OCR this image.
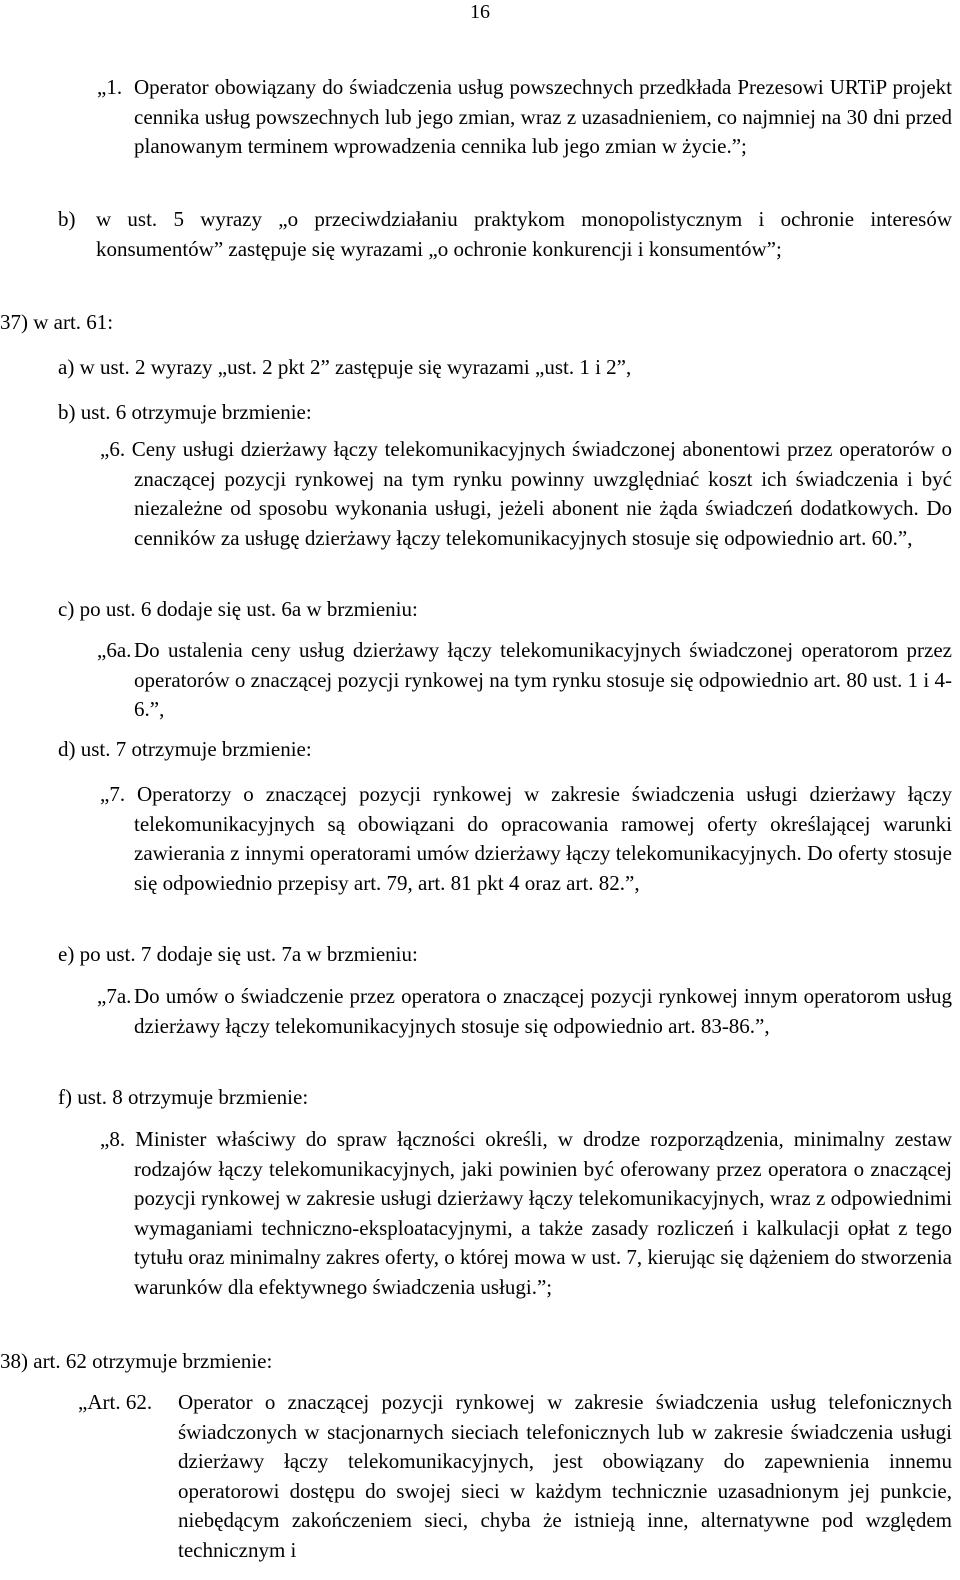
16
„1. Operator obowiązany do świadczenia usług powszechnych przedkłada Prezesowi URTiP projekt cennika usług powszechnych lub jego zmian, wraz z uzasadnieniem, co najmniej na 30 dni przed planowanym terminem wprowadzenia cennika lub jego zmian w życie.”;
b) w ust. 5 wyrazy „o przeciwdziałaniu praktykom monopolistycznym i ochronie interesów konsumentów” zastępuje się wyrazami „o ochronie konkurencji i konsumentów”;
37) w art. 61:
a) w ust. 2 wyrazy „ust. 2 pkt 2” zastępuje się wyrazami „ust. 1 i 2”,
b) ust. 6 otrzymuje brzmienie:
„6. Ceny usługi dzierżawy łączy telekomunikacyjnych świadczonej abonentowi przez operatorów o znaczącej pozycji rynkowej na tym rynku powinny uwzględniać koszt ich świadczenia i być niezależne od sposobu wykonania usługi, jeżeli abonent nie żąda świadczeń dodatkowych. Do cenników za usługę dzierżawy łączy telekomunikacyjnych stosuje się odpowiednio art. 60.”,
c) po ust. 6 dodaje się ust. 6a w brzmieniu:
„6a. Do ustalenia ceny usług dzierżawy łączy telekomunikacyjnych świadczonej operatorom przez operatorów o znaczącej pozycji rynkowej na tym rynku stosuje się odpowiednio art. 80 ust. 1 i 4-6.”,
d) ust. 7 otrzymuje brzmienie:
„7. Operatorzy o znaczącej pozycji rynkowej w zakresie świadczenia usługi dzierżawy łączy telekomunikacyjnych są obowiązani do opracowania ramowej oferty określającej warunki zawierania z innymi operatorami umów dzierżawy łączy telekomunikacyjnych. Do oferty stosuje się odpowiednio przepisy art. 79, art. 81 pkt 4 oraz art. 82.”,
e) po ust. 7 dodaje się ust. 7a w brzmieniu:
„7a. Do umów o świadczenie przez operatora o znaczącej pozycji rynkowej innym operatorom usług dzierżawy łączy telekomunikacyjnych stosuje się odpowiednio art. 83-86.”,
f) ust. 8 otrzymuje brzmienie:
„8. Minister właściwy do spraw łączności określi, w drodze rozporządzenia, minimalny zestaw rodzajów łączy telekomunikacyjnych, jaki powinien być oferowany przez operatora o znaczącej pozycji rynkowej w zakresie usługi dzierżawy łączy telekomunikacyjnych, wraz z odpowiednimi wymaganiami techniczno-eksploatacyjnymi, a także zasady rozliczeń i kalkulacji opłat z tego tytułu oraz minimalny zakres oferty, o której mowa w ust. 7, kierując się dążeniem do stworzenia warunków dla efektywnego świadczenia usługi.”;
38) art. 62 otrzymuje brzmienie:
„Art. 62.	Operator o znaczącej pozycji rynkowej w zakresie świadczenia usług telefonicznych świadczonych w stacjonarnych sieciach telefonicznych lub w zakresie świadczenia usługi dzierżawy łączy telekomunikacyjnych, jest obowiązany do zapewnienia innemu operatorowi dostępu do swojej sieci w każdym technicznie uzasadnionym jej punkcie, niebędącym zakończeniem sieci, chyba że istnieją inne, alternatywne pod względem technicznym i
